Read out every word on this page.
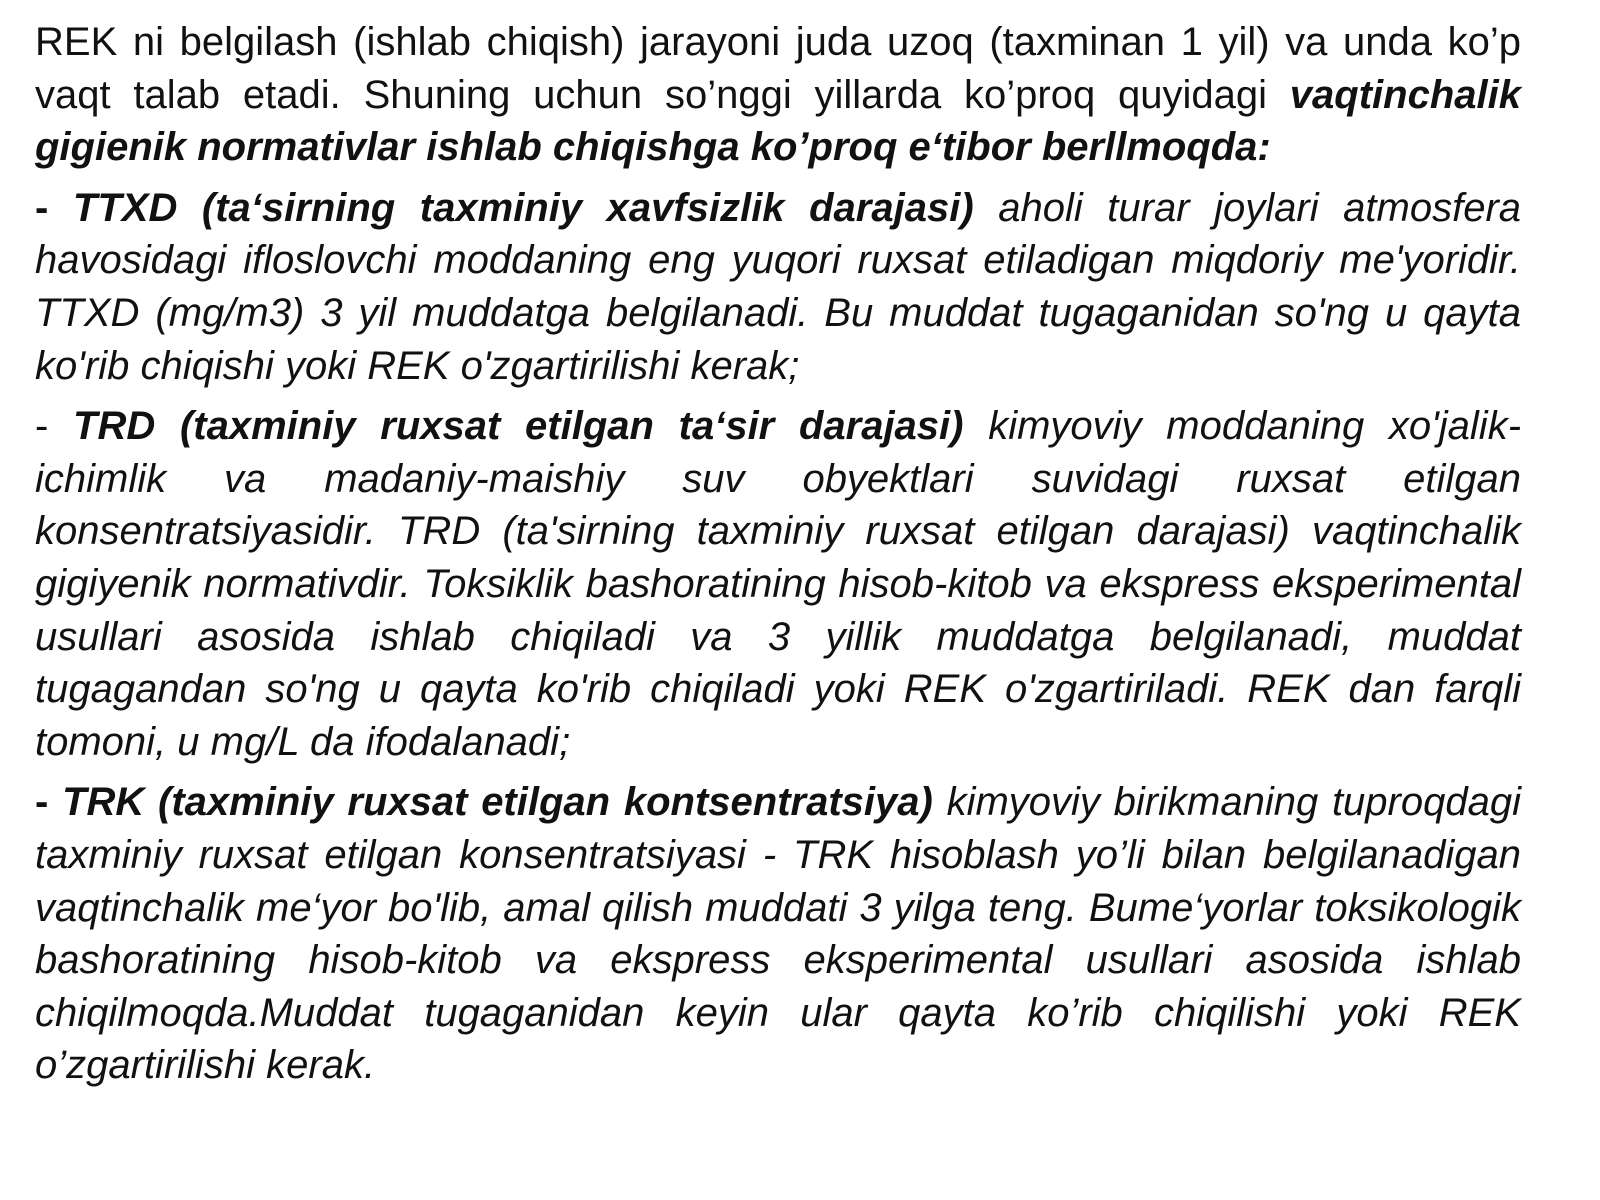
REK ni belgilash (ishlab chiqish) jarayoni juda uzoq (taxminan 1 yil) va unda ko’p vaqt talab etadi. Shuning uchun so’nggi yillarda ko’proq quyidagi vaqtinchalik gigienik normativlar ishlab chiqishga ko’proq e‘tibor berllmoqda:

- TTXD (ta‘sirning taxminiy xavfsizlik darajasi) aholi turar joylari atmosfera havosidagi ifloslovchi moddaning eng yuqori ruxsat etiladigan miqdoriy me'yoridir. TTXD (mg/m3) 3 yil muddatga belgilanadi. Bu muddat tugaganidan so'ng u qayta ko'rib chiqishi yoki REK o'zgartirilishi kerak;

- TRD (taxminiy ruxsat etilgan ta‘sir darajasi) kimyoviy moddaning xo'jalik-ichimlik va madaniy-maishiy suv obyektlari suvidagi ruxsat etilgan konsentratsiyasidir. TRD (ta'sirning taxminiy ruxsat etilgan darajasi) vaqtinchalik gigiyenik normativdir. Toksiklik bashoratining hisob-kitob va ekspress eksperimental usullari asosida ishlab chiqiladi va 3 yillik muddatga belgilanadi, muddat tugagandan so'ng u qayta ko'rib chiqiladi yoki REK o'zgartiriladi. REK dan farqli tomoni, u mg/L da ifodalanadi;

- TRK (taxminiy ruxsat etilgan kontsentratsiya) kimyoviy birikmaning tuproqdagi taxminiy ruxsat etilgan konsentratsiyasi - TRK hisoblash yo’li bilan belgilanadigan vaqtinchalik me‘yor bo'lib, amal qilish muddati 3 yilga teng. Bume‘yorlar toksikologik bashoratining hisob-kitob va ekspress eksperimental usullari asosida ishlab chiqilmoqda.Muddat tugaganidan keyin ular qayta ko’rib chiqilishi yoki REK o’zgartirilishi kerak.
